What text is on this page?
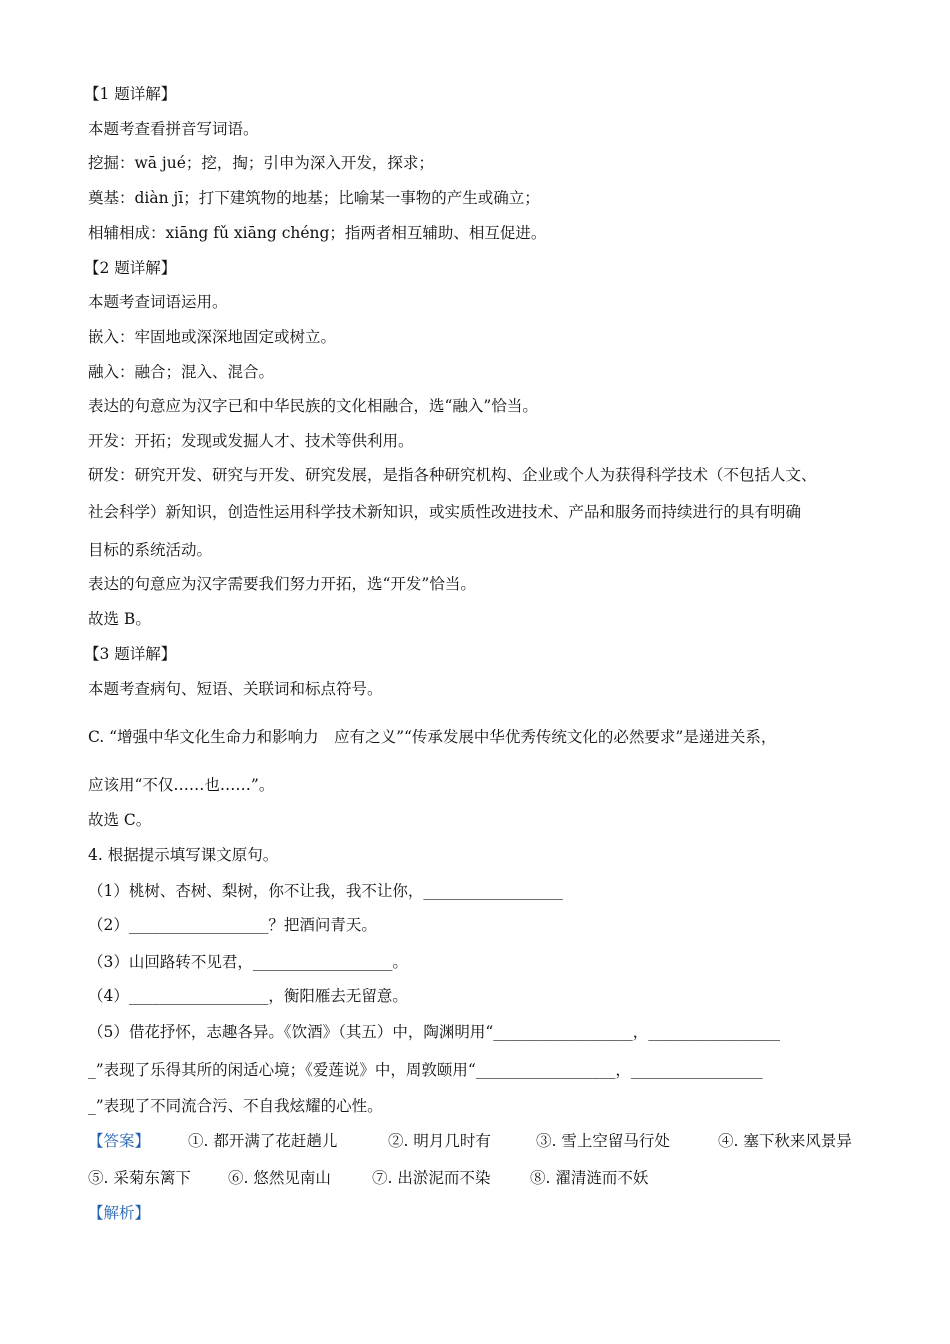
【1 题详解】
本题考查看拼音写词语。
挖掘：wā jué；挖，掏；引申为深入开发，探求；
奠基：diàn jī；打下建筑物的地基；比喻某一事物的产生或确立；
相辅相成：xiāng fǔ xiāng chéng；指两者相互辅助、相互促进。
【2 题详解】
本题考查词语运用。
嵌入：牢固地或深深地固定或树立。
融入：融合；混入、混合。
表达的句意应为汉字已和中华民族的文化相融合，选“融入”恰当。
开发：开拓；发现或发掘人才、技术等供利用。
研发：研究开发、研究与开发、研究发展，是指各种研究机构、企业或个人为获得科学技术（不包括人文、
社会科学）新知识，创造性运用科学技术新知识，或实质性改进技术、产品和服务而持续进行的具有明确
目标的系统活动。
表达的句意应为汉字需要我们努力开拓，选“开发”恰当。
故选 B。
【3 题详解】
本题考查病句、短语、关联词和标点符号。
C. “增强中华文化生命力和影响力　应有之义”“传承发展中华优秀传统文化的必然要求”是递进关系，
应该用“不仅……也……”。
故选 C。
4. 根据提示填写课文原句。
（1）桃树、杏树、梨树，你不让我，我不让你，__________________
（2）__________________？把酒问青天。
（3）山回路转不见君，__________________。
（4）__________________，衡阳雁去无留意。
（5）借花抒怀，志趣各异。《饮酒》（其五）中，陶渊明用“__________________，_________________
_”表现了乐得其所的闲适心境；《爱莲说》中，周敦颐用“__________________，_________________
_”表现了不同流合污、不自我炫耀的心性。
【答案】 ①. 都开满了花赶趟儿	②. 明月几时有	③. 雪上空留马行处	④. 塞下秋来风景异
⑤. 采菊东篱下 ⑥. 悠然见南山	⑦. 出淤泥而不染	⑧. 濯清涟而不妖
【解析】
